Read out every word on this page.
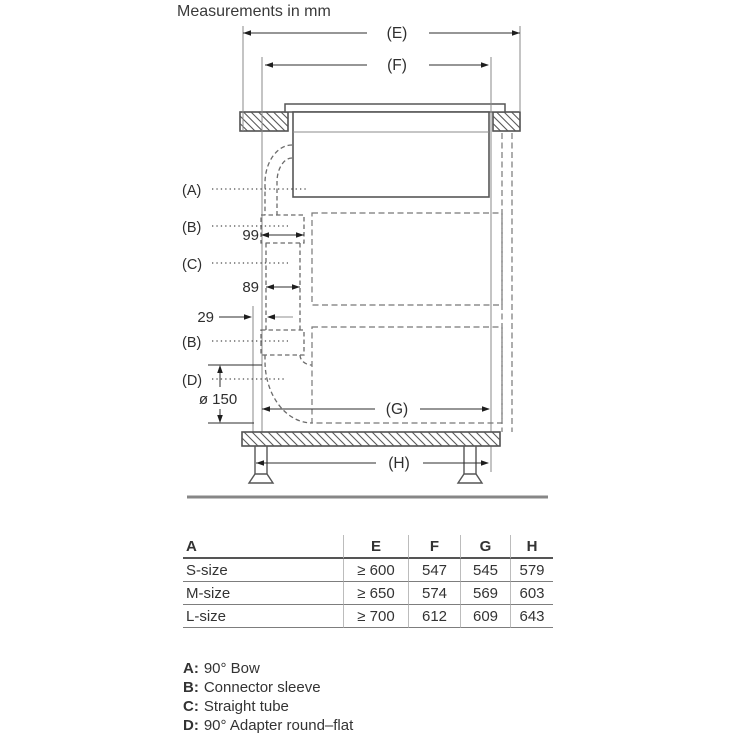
Measurements in mm
(E)
(F)
(G)
(H)
(A)
(B)
(C)
(B)
(D)
99
89
29
ø 150
A	E	F	G	H
S-size	≥ 600	547	545	579
M-size	≥ 650	574	569	603
L-size	≥ 700	612	609	643
A: 90° Bow
B: Connector sleeve
C: Straight tube
D: 90° Adapter round–flat
